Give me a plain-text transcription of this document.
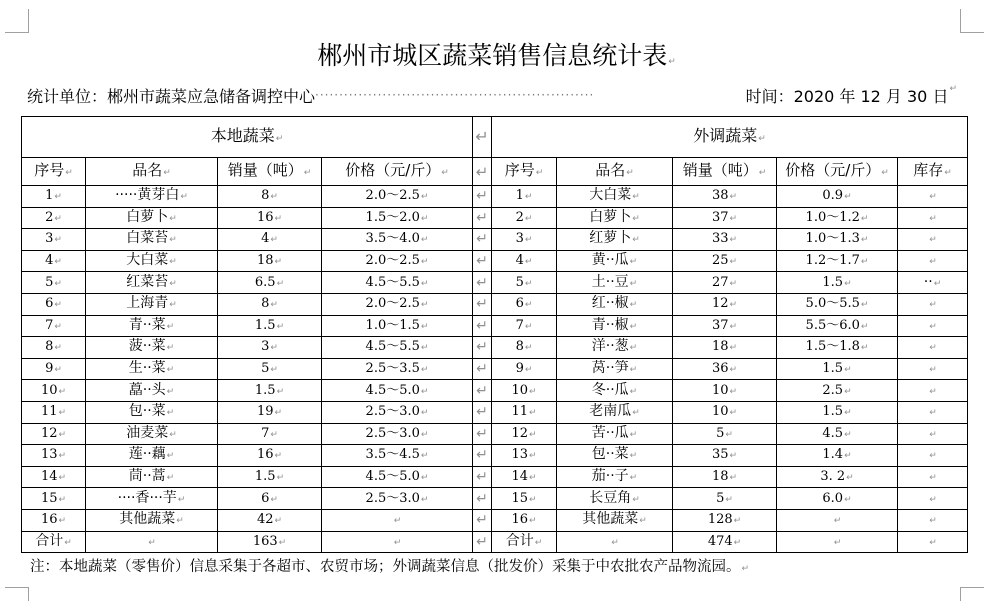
郴州市城区蔬菜销售信息统计表↵
统计单位： 郴州市蔬菜应急储备调控中心 ··························································	时间： 2020 年 12 月 30 日 ↵
本地蔬菜↵				↵	外调蔬菜↵				
序号↵	品名↵	销量（吨）↵	价格（元/斤）↵	↵	序号↵	品名↵	销量（吨）↵	价格（元/斤）↵	库存↵
1↵	·····黄芽白↵	8↵	2.0～2.5↵	↵	1↵	大白菜↵	38↵	0.9↵	↵
2↵	白萝卜↵	16↵	1.5～2.0↵	↵	2↵	白萝卜↵	37↵	1.0～1.2↵	↵
3↵	白菜苔↵	4↵	3.5～4.0↵	↵	3↵	红萝卜↵	33↵	1.0～1.3↵	↵
4↵	大白菜↵	18↵	2.0～2.5↵	↵	4↵	黄··瓜↵	25↵	1.2～1.7↵	↵
5↵	红菜苔↵	6.5↵	4.5～5.5↵	↵	5↵	土··豆↵	27↵	1.5↵	··↵
6↵	上海青↵	8↵	2.0～2.5↵	↵	6↵	红··椒↵	12↵	5.0～5.5↵	↵
7↵	青··菜↵	1.5↵	1.0～1.5↵	↵	7↵	青··椒↵	37↵	5.5～6.0↵	↵
8↵	菠··菜↵	3↵	4.5～5.5↵	↵	8↵	洋··葱↵	18↵	1.5～1.8↵	↵
9↵	生··菜↵	5↵	2.5～3.5↵	↵	9↵	莴··笋↵	36↵	1.5↵	↵
10↵	藠··头↵	1.5↵	4.5～5.0↵	↵	10↵	冬··瓜↵	10↵	2.5↵	↵
11↵	包··菜↵	19↵	2.5～3.0↵	↵	11↵	老南瓜↵	10↵	1.5↵	↵
12↵	油麦菜↵	7↵	2.5～3.0↵	↵	12↵	苦··瓜↵	5↵	4.5↵	↵
13↵	莲··藕↵	16↵	3.5～4.5↵	↵	13↵	包··菜↵	35↵	1.4↵	↵
14↵	茼··蒿↵	1.5↵	4.5～5.0↵	↵	14↵	茄··子↵	18↵	3. 2↵	↵
15↵	····香···芋↵	6↵	2.5～3.0↵	↵	15↵	长豆角↵	5↵	6.0↵	↵
16↵	其他蔬菜↵	42↵	↵	↵	16↵	其他蔬菜↵	128↵	↵	↵
合计↵	↵	163↵	↵	↵	合计↵	↵	474↵	↵	↵
注：本地蔬菜（零售价）信息采集于各超市、农贸市场；外调蔬菜信息（批发价）采集于中农批农产品物流园。↵
